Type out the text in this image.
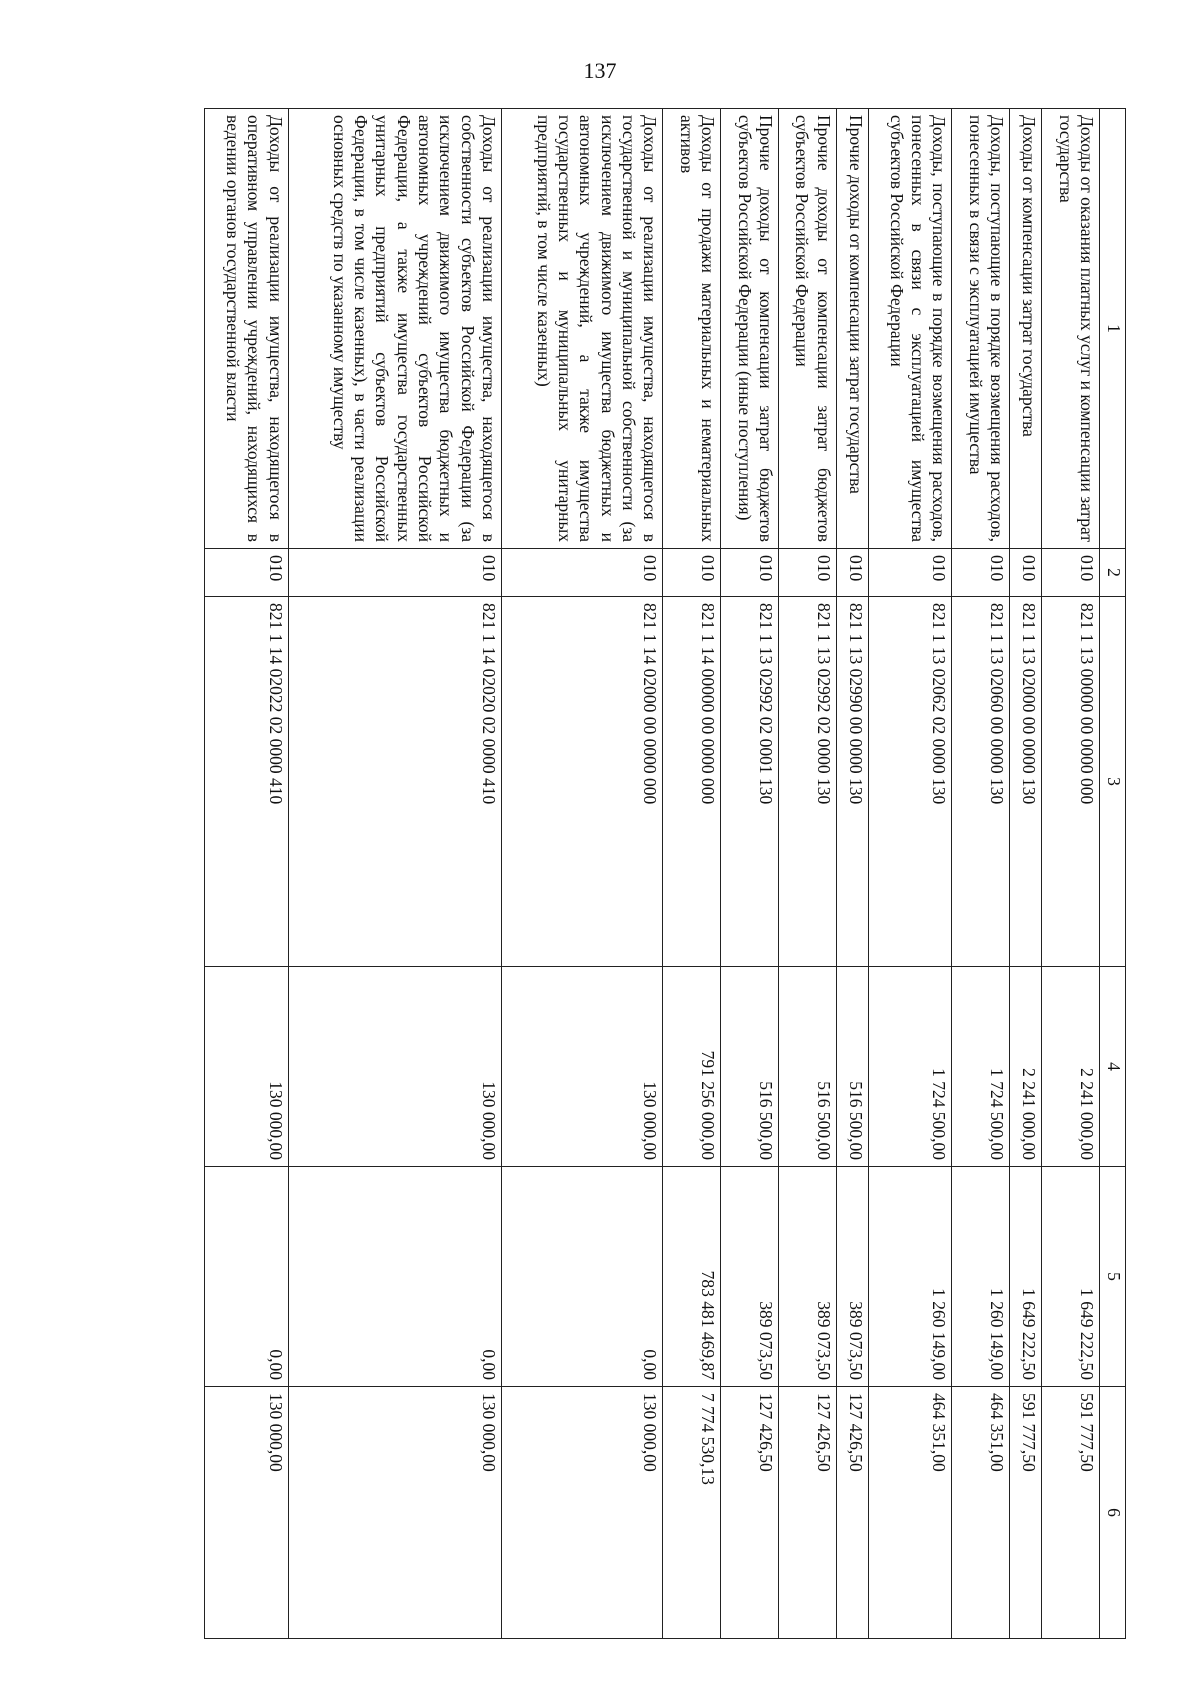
137
1	2	3	4	5	6
Доходы от оказания платных услуг и компенсации затрат государства	010	821 1 13 00000 00 0000 000	2 241 000,00	1 649 222,50	591 777,50
Доходы от компенсации затрат государства	010	821 1 13 02000 00 0000 130	2 241 000,00	1 649 222,50	591 777,50
Доходы, поступающие в порядке возмещения расходов, понесенных в связи с эксплуатацией имущества	010	821 1 13 02060 00 0000 130	1 724 500,00	1 260 149,00	464 351,00
Доходы, поступающие в порядке возмещения расходов, понесенных в связи с эксплуатацией имущества субъектов Российской Федерации	010	821 1 13 02062 02 0000 130	1 724 500,00	1 260 149,00	464 351,00
Прочие доходы от компенсации затрат государства	010	821 1 13 02990 00 0000 130	516 500,00	389 073,50	127 426,50
Прочие доходы от компенсации затрат бюджетов субъектов Российской Федерации	010	821 1 13 02992 02 0000 130	516 500,00	389 073,50	127 426,50
Прочие доходы от компенсации затрат бюджетов субъектов Российской Федерации (иные поступления)	010	821 1 13 02992 02 0001 130	516 500,00	389 073,50	127 426,50
Доходы от продажи материальных и нематериальных активов	010	821 1 14 00000 00 0000 000	791 256 000,00	783 481 469,87	7 774 530,13
Доходы от реализации имущества, находящегося в государственной и муниципальной собственности (за исключением движимого имущества бюджетных и автономных учреждений, а также имущества государственных и муниципальных унитарных предприятий, в том числе казенных)	010	821 1 14 02000 00 0000 000	130 000,00	0,00	130 000,00
Доходы от реализации имущества, находящегося в собственности субъектов Российской Федерации (за исключением движимого имущества бюджетных и автономных учреждений субъектов Российской Федерации, а также имущества государственных унитарных предприятий субъектов Российской Федерации, в том числе казенных), в части реализации основных средств по указанному имуществу	010	821 1 14 02020 02 0000 410	130 000,00	0,00	130 000,00
Доходы от реализации имущества, находящегося в оперативном управлении учреждений, находящихся в ведении органов государственной власти	010	821 1 14 02022 02 0000 410	130 000,00	0,00	130 000,00
